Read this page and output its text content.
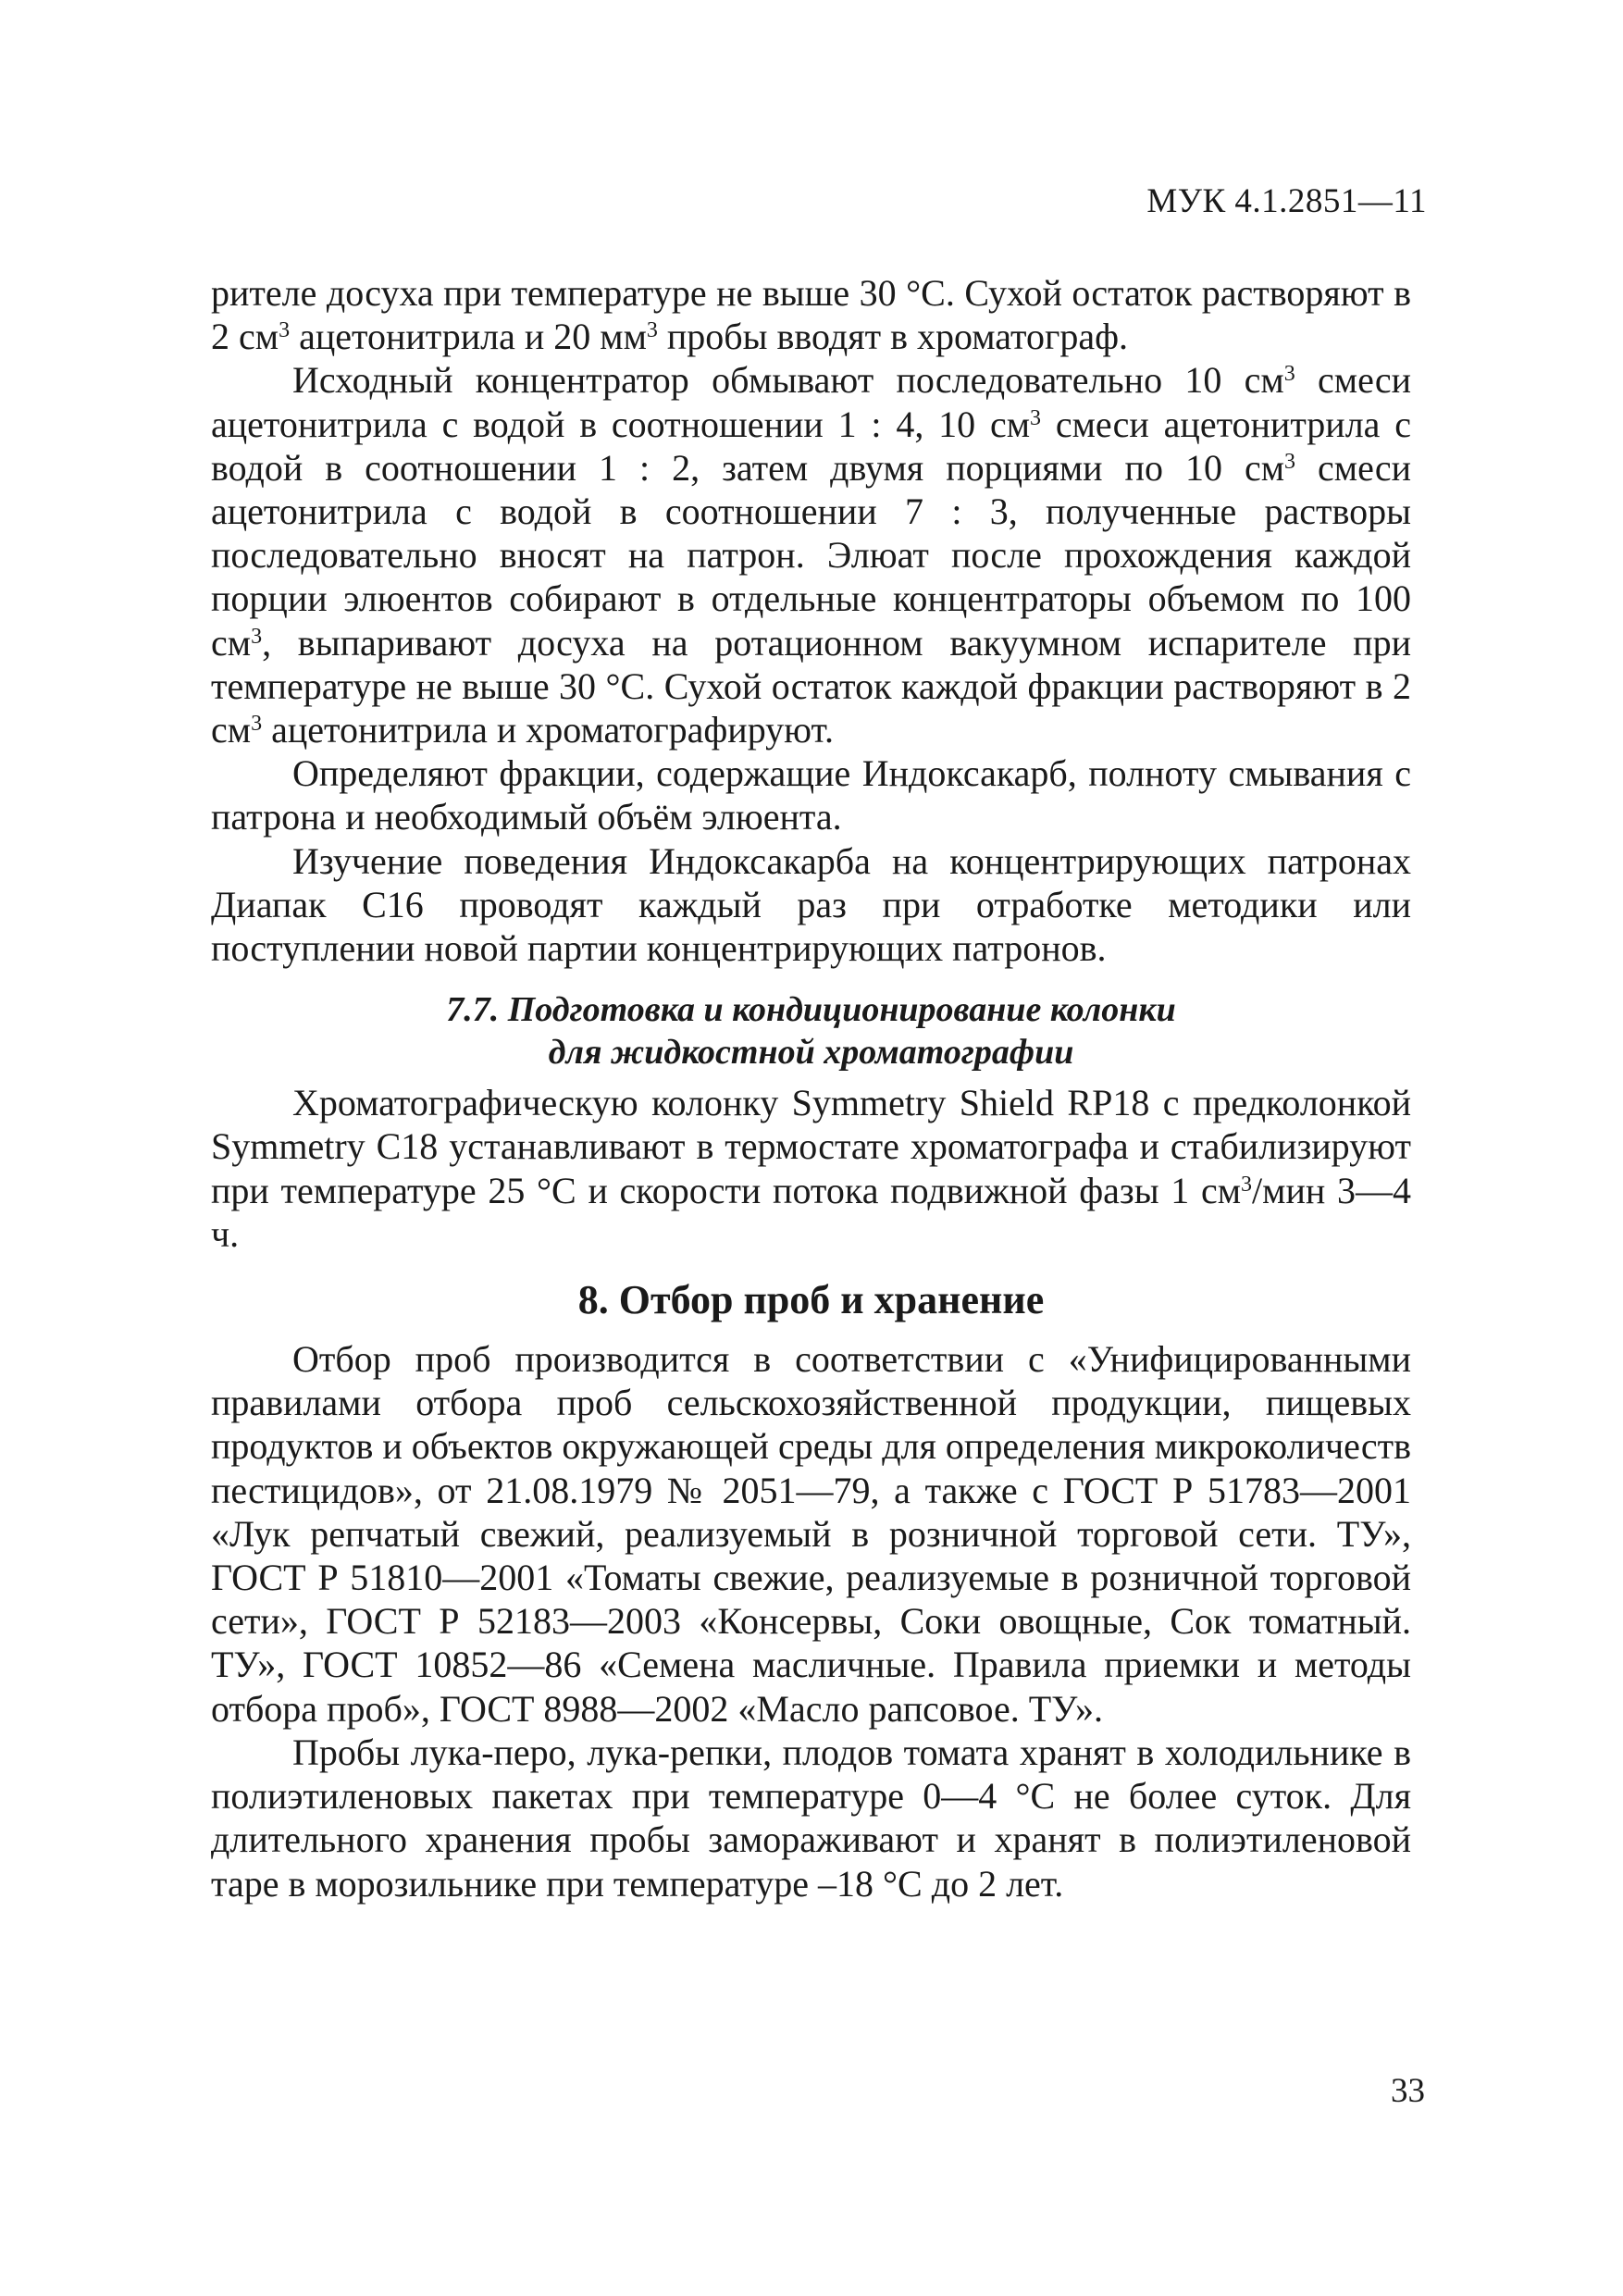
МУК 4.1.2851—11

рителе досуха при температуре не выше 30 °С. Сухой остаток растворяют в 2 $см^3$ ацетонитрила и 20 $мм^3$ пробы вводят в хроматограф.

Исходный концентратор обмывают последовательно 10 $см^3$ смеси ацетонитрила с водой в соотношении 1 : 4, 10 $см^3$ смеси ацетонитрила с водой в соотношении 1 : 2, затем двумя порциями по 10 $см^3$ смеси ацетонитрила с водой в соотношении 7 : 3, полученные растворы последовательно вносят на патрон. Элюат после прохождения каждой порции элюентов собирают в отдельные концентраторы объемом по 100 $см^3$, выпаривают досуха на ротационном вакуумном испарителе при температуре не выше 30 °С. Сухой остаток каждой фракции растворяют в 2 $см^3$ ацетонитрила и хроматографируют.

Определяют фракции, содержащие Индоксакарб, полноту смывания с патрона и необходимый объём элюента.

Изучение поведения Индоксакарба на концентрирующих патронах Диапак С16 проводят каждый раз при отработке методики или поступлении новой партии концентрирующих патронов.

7.7. Подготовка и кондиционирование колонки
для жидкостной хроматографии

Хроматографическую колонку Symmetry Shield RP18 с предколонкой Symmetry C18 устанавливают в термостате хроматографа и стабилизируют при температуре 25 °С и скорости потока подвижной фазы 1 $см^3$/мин 3—4 ч.

8. Отбор проб и хранение

Отбор проб производится в соответствии с «Унифицированными правилами отбора проб сельскохозяйственной продукции, пищевых продуктов и объектов окружающей среды для определения микроколичеств пестицидов», от 21.08.1979 № 2051—79, а также с ГОСТ Р 51783—2001 «Лук репчатый свежий, реализуемый в розничной торговой сети. ТУ», ГОСТ Р 51810—2001 «Томаты свежие, реализуемые в розничной торговой сети», ГОСТ Р 52183—2003 «Консервы, Соки овощные, Сок томатный. ТУ», ГОСТ 10852—86 «Семена масличные. Правила приемки и методы отбора проб», ГОСТ 8988—2002 «Масло рапсовое. ТУ».

Пробы лука-перо, лука-репки, плодов томата хранят в холодильнике в полиэтиленовых пакетах при температуре 0—4 °С не более суток. Для длительного хранения пробы замораживают и хранят в полиэтиленовой таре в морозильнике при температуре –18 °С до 2 лет.

33
